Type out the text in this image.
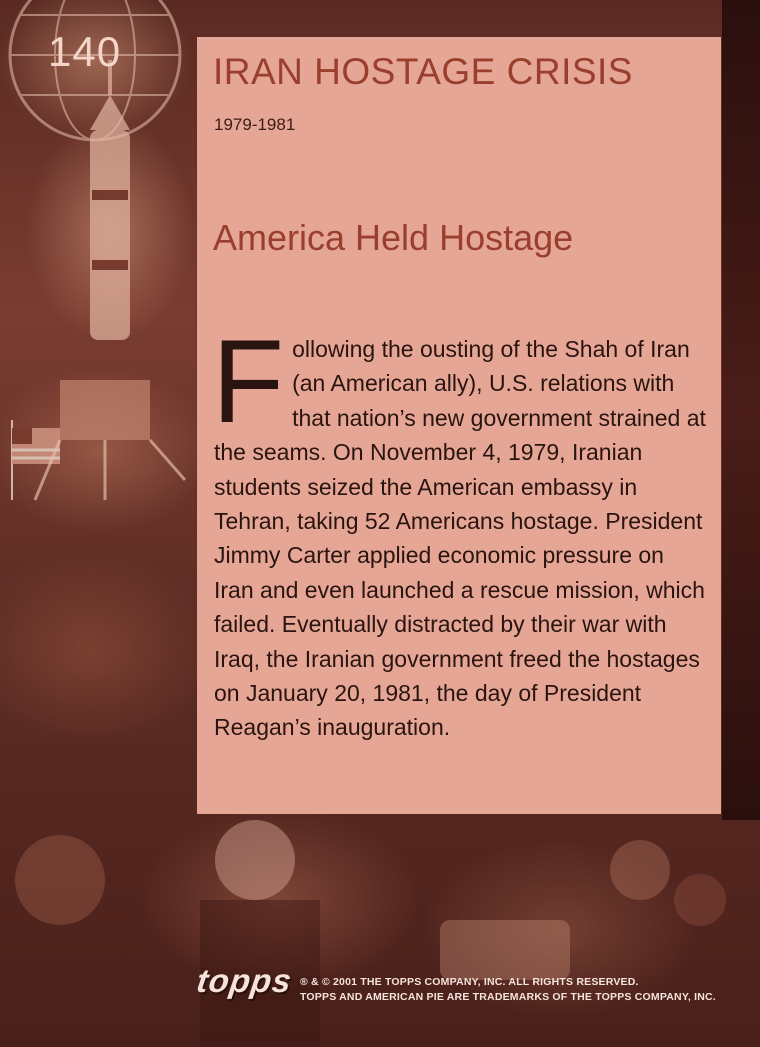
140 IRAN HOSTAGE CRISIS
1979-1981
America Held Hostage
Following the ousting of the Shah of Iran (an American ally), U.S. relations with that nation’s new government strained at the seams. On November 4, 1979, Iranian students seized the American embassy in Tehran, taking 52 Americans hostage. President Jimmy Carter applied economic pressure on Iran and even launched a rescue mission, which failed. Eventually distracted by their war with Iraq, the Iranian government freed the hostages on January 20, 1981, the day of President Reagan’s inauguration.
topps ® & © 2001 THE TOPPS COMPANY, INC. ALL RIGHTS RESERVED.
TOPPS AND AMERICAN PIE ARE TRADEMARKS OF THE TOPPS COMPANY, INC.
